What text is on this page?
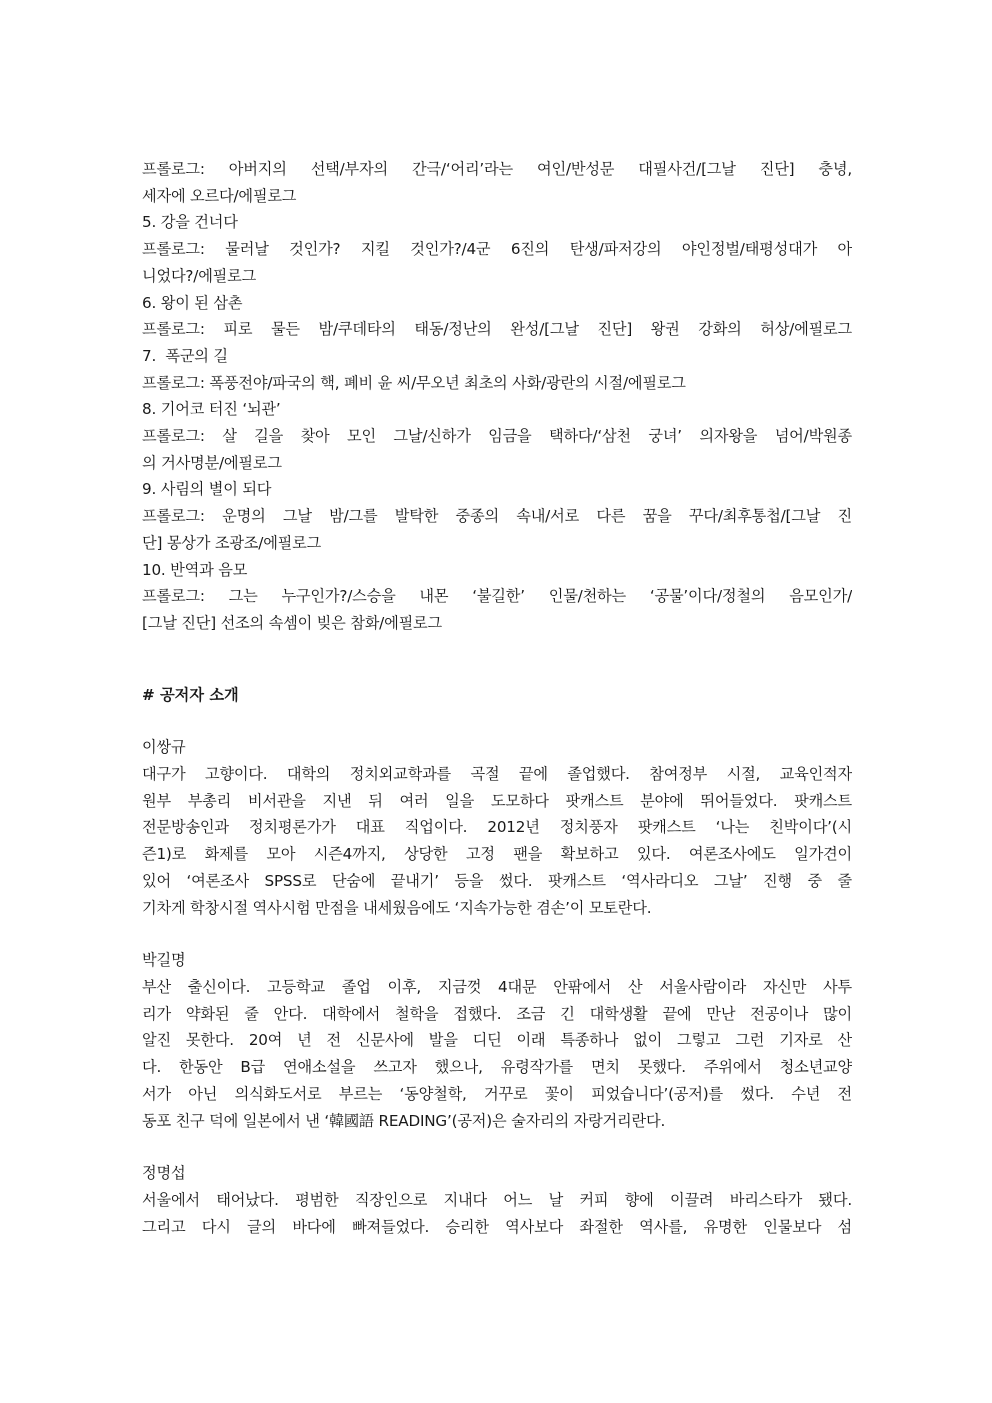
프롤로그: 아버지의 선택/부자의 간극/‘어리’라는 여인/반성문 대필사건/[그날 진단] 충녕,
세자에 오르다/에필로그
5. 강을 건너다
프롤로그: 물러날 것인가? 지킬 것인가?/4군 6진의 탄생/파저강의 야인정벌/태평성대가 아
니었다?/에필로그
6. 왕이 된 삼촌
프롤로그: 피로 물든 밤/쿠데타의 태동/정난의 완성/[그날 진단] 왕권 강화의 허상/에필로그
7.  폭군의 길
프롤로그: 폭풍전야/파국의 핵, 폐비 윤 씨/무오년 최초의 사화/광란의 시절/에필로그
8. 기어코 터진 ‘뇌관’
프롤로그: 살 길을 찾아 모인 그날/신하가 임금을 택하다/‘삼천 궁녀’ 의자왕을 넘어/박원종
의 거사명분/에필로그
9. 사림의 별이 되다
프롤로그: 운명의 그날 밤/그를 발탁한 중종의 속내/서로 다른 꿈을 꾸다/최후통첩/[그날 진
단] 몽상가 조광조/에필로그
10. 반역과 음모
프롤로그: 그는 누구인가?/스승을 내몬 ‘불길한’ 인물/천하는 ‘공물’이다/정철의 음모인가/
[그날 진단] 선조의 속셈이 빚은 참화/에필로그
# 공저자 소개
이쌍규
대구가 고향이다. 대학의 정치외교학과를 곡절 끝에 졸업했다. 참여정부 시절, 교육인적자
원부 부총리 비서관을 지낸 뒤 여러 일을 도모하다 팟캐스트 분야에 뛰어들었다. 팟캐스트
전문방송인과 정치평론가가 대표 직업이다. 2012년 정치풍자 팟캐스트 ‘나는 친박이다’(시
즌1)로 화제를 모아 시즌4까지, 상당한 고정 팬을 확보하고 있다. 여론조사에도 일가견이
있어 ‘여론조사 SPSS로 단숨에 끝내기’ 등을 썼다. 팟캐스트 ‘역사라디오 그날’ 진행 중 줄
기차게 학창시절 역사시험 만점을 내세웠음에도 ‘지속가능한 겸손’이 모토란다.
박길명
부산 출신이다. 고등학교 졸업 이후, 지금껏 4대문 안팎에서 산 서울사람이라 자신만 사투
리가 약화된 줄 안다. 대학에서 철학을 접했다. 조금 긴 대학생활 끝에 만난 전공이나 많이
알진 못한다. 20여 년 전 신문사에 발을 디딘 이래 특종하나 없이 그렇고 그런 기자로 산
다. 한동안 B급 연애소설을 쓰고자 했으나, 유령작가를 면치 못했다. 주위에서 청소년교양
서가 아닌 의식화도서로 부르는 ‘동양철학, 거꾸로 꽃이 피었습니다’(공저)를 썼다. 수년 전
동포 친구 덕에 일본에서 낸 ‘韓國語 READING’(공저)은 술자리의 자랑거리란다.
정명섭
서울에서 태어났다. 평범한 직장인으로 지내다 어느 날 커피 향에 이끌려 바리스타가 됐다.
그리고 다시 글의 바다에 빠져들었다. 승리한 역사보다 좌절한 역사를, 유명한 인물보다 섬
